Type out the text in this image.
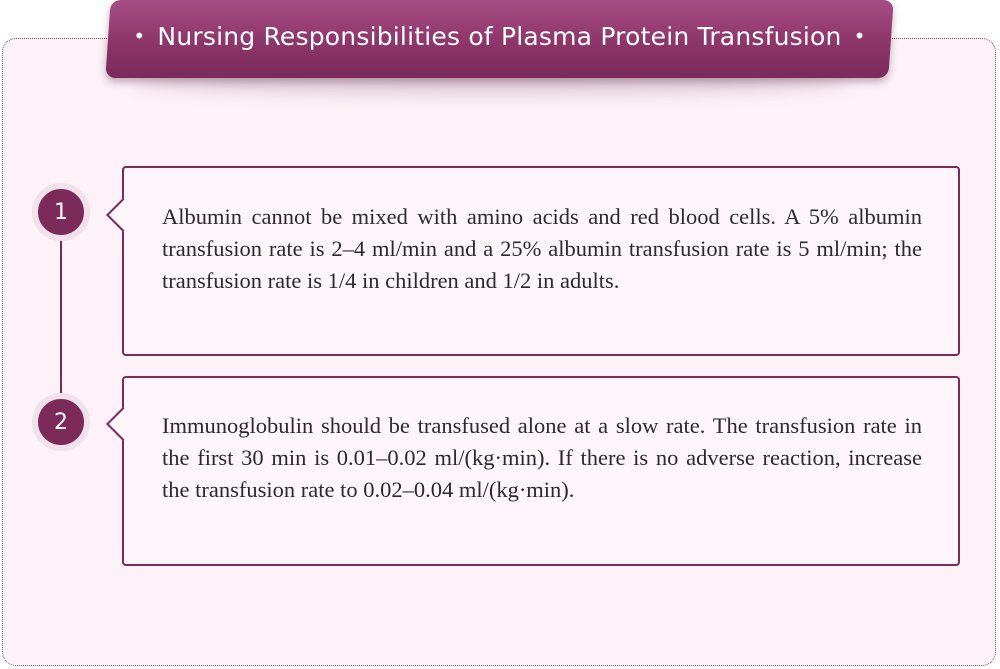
• Nursing Responsibilities of Plasma Protein Transfusion •
1
2
Albumin cannot be mixed with amino acids and red blood cells. A 5% albumin transfusion rate is 2–4 ml/min and a 25% albumin transfusion rate is 5 ml/min; the transfusion rate is 1/4 in children and 1/2 in adults.
Immunoglobulin should be transfused alone at a slow rate. The transfusion rate in the first 30 min is 0.01–0.02 ml/(kg·min). If there is no adverse reaction, increase the transfusion rate to 0.02–0.04 ml/(kg·min).
